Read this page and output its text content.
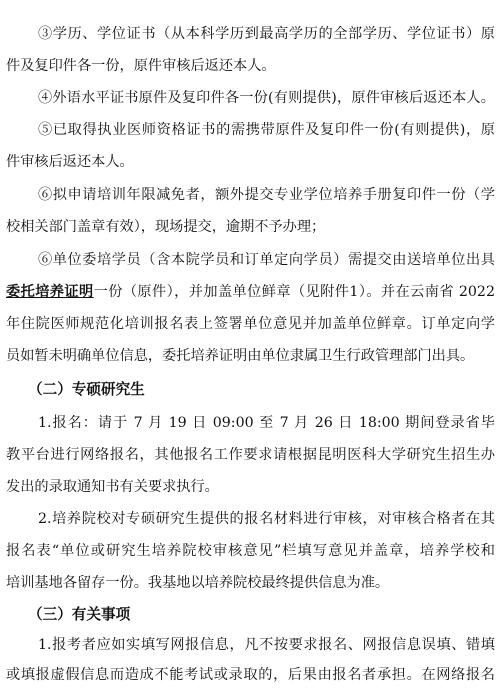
③学历、学位证书（从本科学历到最高学历的全部学历、学位证书）原
件及复印件各一份，原件审核后返还本人。
④外语水平证书原件及复印件各一份(有则提供)，原件审核后返还本人。
⑤已取得执业医师资格证书的需携带原件及复印件一份(有则提供)，原
件审核后返还本人。
⑥拟申请培训年限减免者，额外提交专业学位培养手册复印件一份（学
校相关部门盖章有效），现场提交，逾期不予办理；
⑥单位委培学员（含本院学员和订单定向学员）需提交由送培单位出具
委托培养证明一份（原件），并加盖单位鲜章（见附件1）。并在云南省 2022
年住院医师规范化培训报名表上签署单位意见并加盖单位鲜章。订单定向学
员如暂未明确单位信息，委托培养证明由单位隶属卫生行政管理部门出具。
（二）专硕研究生
1.报名：请于 7 月 19 日 09:00 至 7 月 26 日 18:00 期间登录省毕
教平台进行网络报名，其他报名工作要求请根据昆明医科大学研究生招生办
发出的录取通知书有关要求执行。
2.培养院校对专硕研究生提供的报名材料进行审核，对审核合格者在其
报名表“单位或研究生培养院校审核意见”栏填写意见并盖章，培养学校和
培训基地各留存一份。我基地以培养院校最终提供信息为准。
（三）有关事项
1.报考者应如实填写网报信息，凡不按要求报名、网报信息误填、错填
或填报虚假信息而造成不能考试或录取的，后果由报名者承担。在网络报名
